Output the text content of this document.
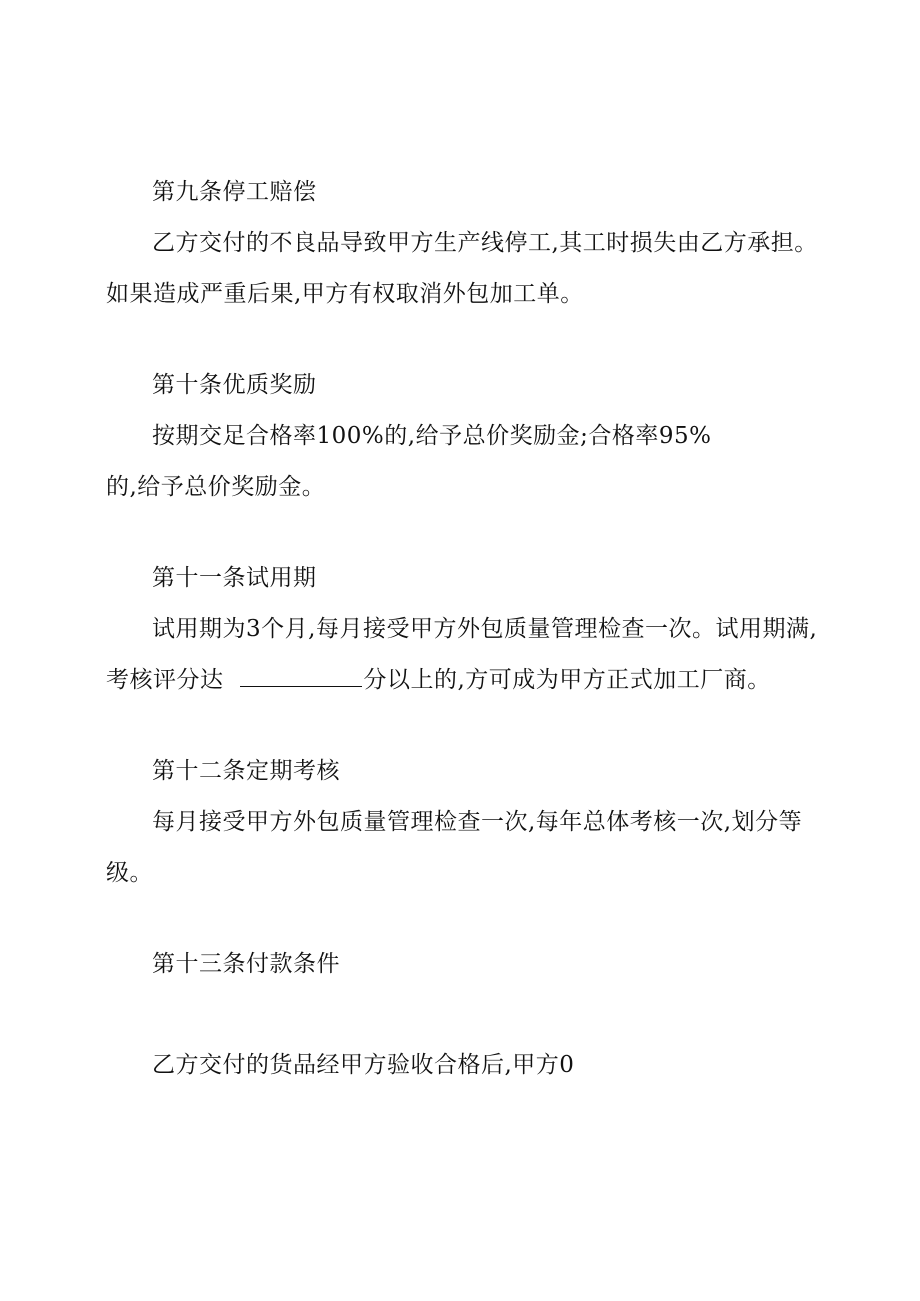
第九条停工赔偿
乙方交付的不良品导致甲方生产线停工,其工时损失由乙方承担。
如果造成严重后果,甲方有权取消外包加工单。
第十条优质奖励
按期交足合格率100%的,给予总价奖励金;合格率95%
的,给予总价奖励金。
第十一条试用期
试用期为3个月,每月接受甲方外包质量管理检查一次。试用期满,
考核评分达	分以上的,方可成为甲方正式加工厂商。
第十二条定期考核
每月接受甲方外包质量管理检查一次,每年总体考核一次,划分等
级。
第十三条付款条件
乙方交付的货品经甲方验收合格后,甲方0
